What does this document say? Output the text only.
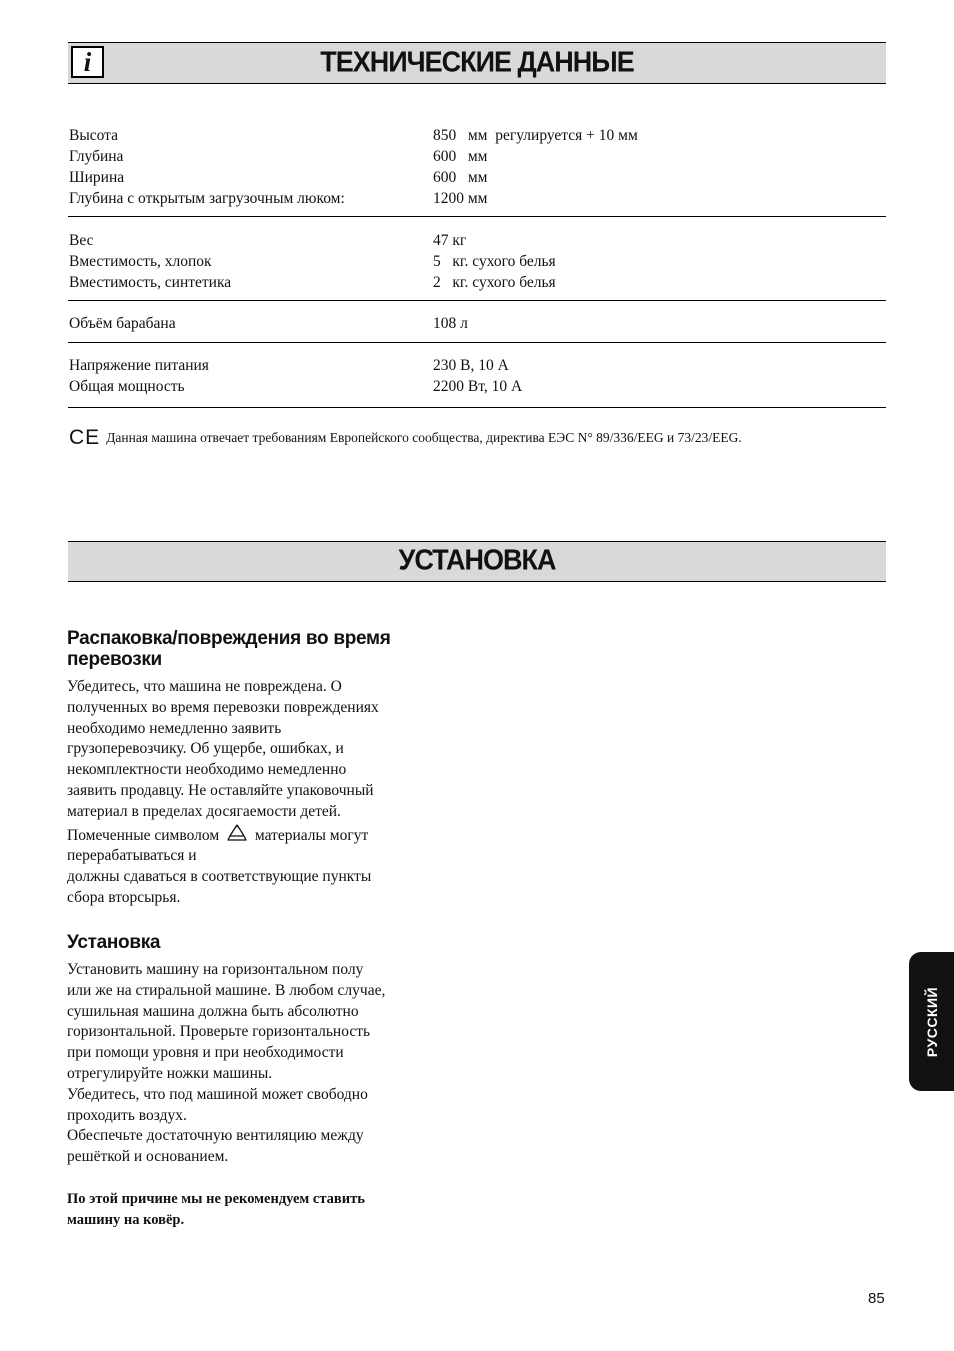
i	ТЕХНИЧЕСКИЕ ДАННЫЕ
Высота	850   мм  регулируется + 10 мм
Глубина	600   мм
Ширина	600   мм
Глубина с открытым загрузочным люком:	1200 мм
Вес	47 кг
Вместимость, хлопок	5   кг. сухого белья
Вместимость, синтетика	2   кг. сухого белья
Объём барабана	108 л
Напряжение питания	230 В, 10 А
Общая мощность	2200 Вт, 10 А
CE Данная машина отвечает требованиям Европейского сообщества, директива ЕЭС N° 89/336/EEG и 73/23/EEG.
УСТАНОВКА
Распаковка/повреждения во время
перевозки
Убедитесь, что машина не повреждена. О
полученных во время перевозки повреждениях
необходимо немедленно заявить
грузоперевозчику. Об ущербе, ошибках, и
некомплектности необходимо немедленно
заявить продавцу. Не оставляйте упаковочный
материал в пределах досягаемости детей.
Помеченные символом материалы могут
перерабатываться и
должны сдаваться в соответствующие пункты
сбора вторсырья.
Установка
Установить машину на горизонтальном полу
или же на стиральной машине. В любом случае,
сушильная машина должна быть абсолютно
горизонтальной. Проверьте горизонтальность
при помощи уровня и при необходимости
отрегулируйте ножки машины.
Убедитесь, что под машиной может свободно
проходить воздух.
Обеспечьте достаточную вентиляцию между
решёткой и основанием.
По этой причине мы не рекомендуем ставить
машину на ковёр.
РУССКИЙ
85
